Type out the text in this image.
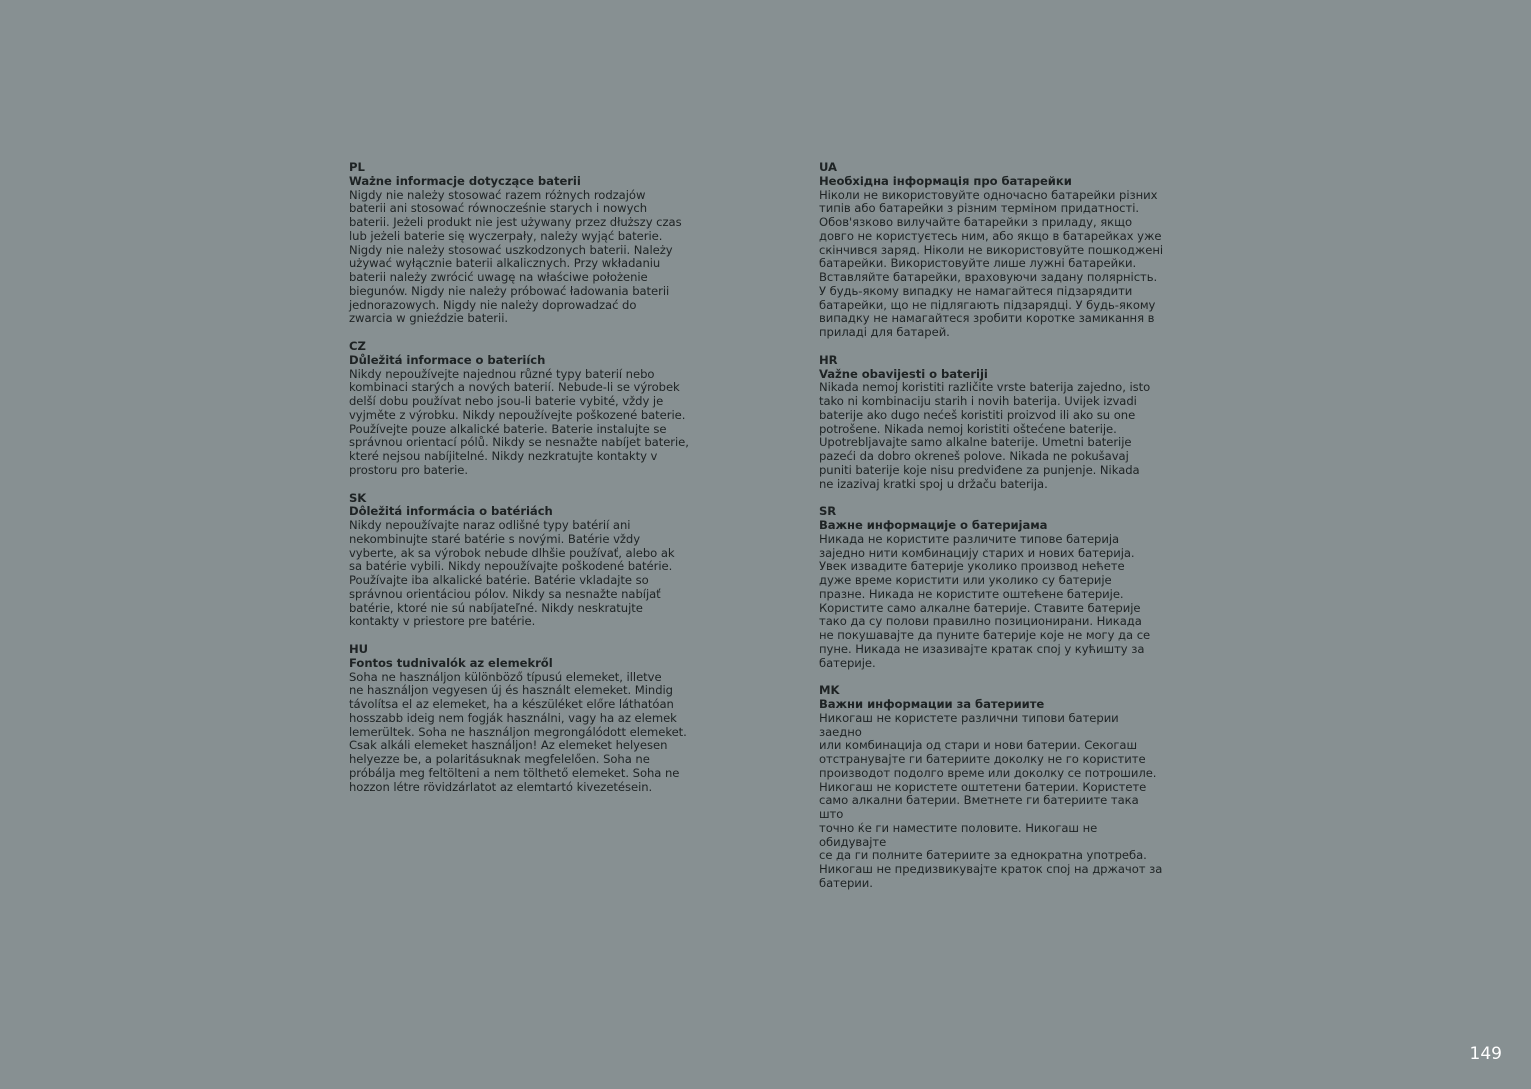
PL
Ważne informacje dotyczące baterii
Nigdy nie należy stosować razem różnych rodzajów
baterii ani stosować równocześnie starych i nowych
baterii. Jeżeli produkt nie jest używany przez dłuższy czas
lub jeżeli baterie się wyczerpały, należy wyjąć baterie.
Nigdy nie należy stosować uszkodzonych baterii. Należy
używać wyłącznie baterii alkalicznych. Przy wkładaniu
baterii należy zwrócić uwagę na właściwe położenie
biegunów. Nigdy nie należy próbować ładowania baterii
jednorazowych. Nigdy nie należy doprowadzać do
zwarcia w gnieździe baterii.
CZ
Důležitá informace o bateriích
Nikdy nepoužívejte najednou různé typy baterií nebo
kombinaci starých a nových baterií. Nebude-li se výrobek
delší dobu používat nebo jsou-li baterie vybité, vždy je
vyjměte z výrobku. Nikdy nepoužívejte poškozené baterie.
Používejte pouze alkalické baterie. Baterie instalujte se
správnou orientací pólů. Nikdy se nesnažte nabíjet baterie,
které nejsou nabíjitelné. Nikdy nezkratujte kontakty v
prostoru pro baterie.
SK
Dôležitá informácia o batériách
Nikdy nepoužívajte naraz odlišné typy batérií ani
nekombinujte staré batérie s novými. Batérie vždy
vyberte, ak sa výrobok nebude dlhšie používať, alebo ak
sa batérie vybili. Nikdy nepoužívajte poškodené batérie.
Používajte iba alkalické batérie. Batérie vkladajte so
správnou orientáciou pólov. Nikdy sa nesnažte nabíjať
batérie, ktoré nie sú nabíjateľné. Nikdy neskratujte
kontakty v priestore pre batérie.
HU
Fontos tudnivalók az elemekről
Soha ne használjon különböző típusú elemeket, illetve
ne használjon vegyesen új és használt elemeket. Mindig
távolítsa el az elemeket, ha a készüléket előre láthatóan
hosszabb ideig nem fogják használni, vagy ha az elemek
lemerültek. Soha ne használjon megrongálódott elemeket.
Csak alkáli elemeket használjon! Az elemeket helyesen
helyezze be, a polaritásuknak megfelelően. Soha ne
próbálja meg feltölteni a nem tölthető elemeket. Soha ne
hozzon létre rövidzárlatot az elemtartó kivezetésein.
UA
Необхідна інформація про батарейки
Ніколи не використовуйте одночасно батарейки різних
типів або батарейки з різним терміном придатності.
Обов'язково вилучайте батарейки з приладу, якщо
довго не користуєтесь ним, або якщо в батарейках уже
скінчився заряд. Ніколи не використовуйте пошкоджені
батарейки. Використовуйте лише лужні батарейки.
Вставляйте батарейки, враховуючи задану полярність.
У будь-якому випадку не намагайтеся підзарядити
батарейки, що не підлягають підзарядці. У будь-якому
випадку не намагайтеся зробити коротке замикання в
приладі для батарей.
HR
Važne obavijesti o bateriji
Nikada nemoj koristiti različite vrste baterija zajedno, isto
tako ni kombinaciju starih i novih baterija. Uvijek izvadi
baterije ako dugo nećeš koristiti proizvod ili ako su one
potrošene. Nikada nemoj koristiti oštećene baterije.
Upotrebljavajte samo alkalne baterije. Umetni baterije
pazeći da dobro okreneš polove. Nikada ne pokušavaj
puniti baterije koje nisu predviđene za punjenje. Nikada
ne izazivaj kratki spoj u držaču baterija.
SR
Важне информације о батеријама
Никада не користите различите типове батерија
заједно нити комбинацију старих и нових батерија.
Увек извадите батерије уколико производ нећете
дуже време користити или уколико су батерије
празне. Никада не користите оштећене батерије.
Користите само алкалне батерије. Ставите батерије
тако да су полови правилно позиционирани. Никада
не покушавајте да пуните батерије које не могу да се
пуне. Никада не изазивајте кратак спој у кућишту за
батерије.
MK
Важни информации за батериите
Никогаш не користете различни типови батерии заедно
или комбинација од стари и нови батерии. Секогаш
отстранувајте ги батериите доколку не го користите
производот подолго време или доколку се потрошиле.
Никогаш не користете оштетени батерии. Користете
само алкални батерии. Вметнете ги батериите така што
точно ќе ги наместите половите. Никогаш не обидувајте
се да ги полните батериите за еднократна употреба.
Никогаш не предизвикувајте краток спој на држачот за
батерии.
149
